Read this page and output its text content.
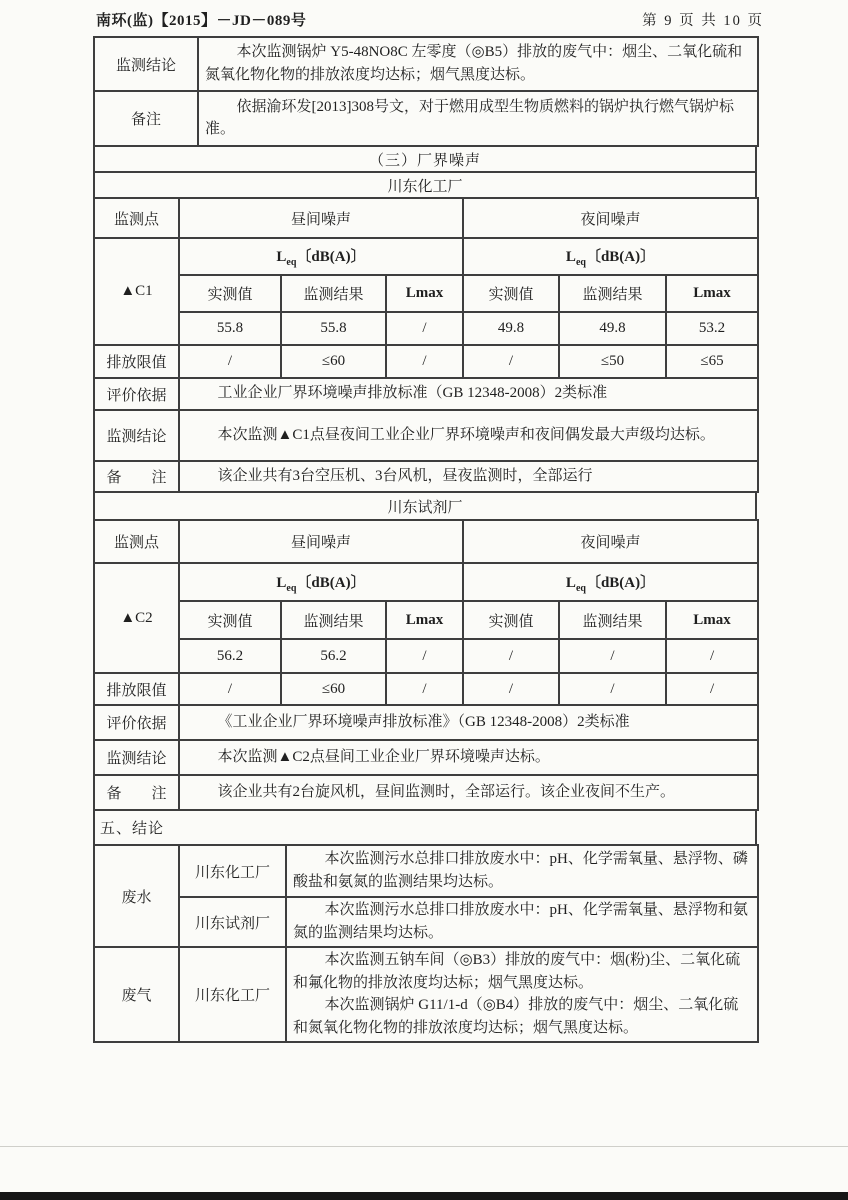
南环(监)【2015】－JD－089号	第 9 页 共 10 页
监测结论	本次监测锅炉 Y5-48NO8C 左零度（◎B5）排放的废气中：烟尘、二氧化硫和氮氧化物化物的排放浓度均达标；烟气黑度达标。

备注	依据渝环发[2013]308号文，对于燃用成型生物质燃料的锅炉执行燃气锅炉标准。

（三）厂界噪声
川东化工厂
监测点	昼间噪声			夜间噪声		
▲C1	$L_{eq}$〔dB(A)〕			$L_{eq}$〔dB(A)〕		
	实测值	监测结果	Lmax	实测值	监测结果	Lmax
	55.8	55.8	/	49.8	49.8	53.2
排放限值	/	≤60	/	/	≤50	≤65
评价依据	工业企业厂界环境噪声排放标准（GB 12348-2008）2类标准					

监测结论	本次监测▲C1点昼夜间工业企业厂界环境噪声和夜间偶发最大声级均达标。					

备　　注	该企业共有3台空压机、3台风机，昼夜监测时，全部运行					

川东试剂厂
监测点	昼间噪声			夜间噪声		
▲C2	$L_{eq}$〔dB(A)〕			$L_{eq}$〔dB(A)〕		
	实测值	监测结果	Lmax	实测值	监测结果	Lmax
	56.2	56.2	/	/	/	/
排放限值	/	≤60	/	/	/	/
评价依据	《工业企业厂界环境噪声排放标准》（GB 12348-2008）2类标准					

监测结论	本次监测▲C2点昼间工业企业厂界环境噪声达标。					

备　　注	该企业共有2台旋风机，昼间监测时，全部运行。该企业夜间不生产。					

五、结论
废水	川东化工厂	本次监测污水总排口排放废水中：pH、化学需氧量、悬浮物、磷酸盐和氨氮的监测结果均达标。

	川东试剂厂	本次监测污水总排口排放废水中：pH、化学需氧量、悬浮物和氨氮的监测结果均达标。

废气	川东化工厂	本次监测五钠车间（◎B3）排放的废气中：烟(粉)尘、二氧化硫和氟化物的排放浓度均达标；烟气黑度达标。

本次监测锅炉 G11/1-d（◎B4）排放的废气中：烟尘、二氧化硫和氮氧化物化物的排放浓度均达标；烟气黑度达标。
